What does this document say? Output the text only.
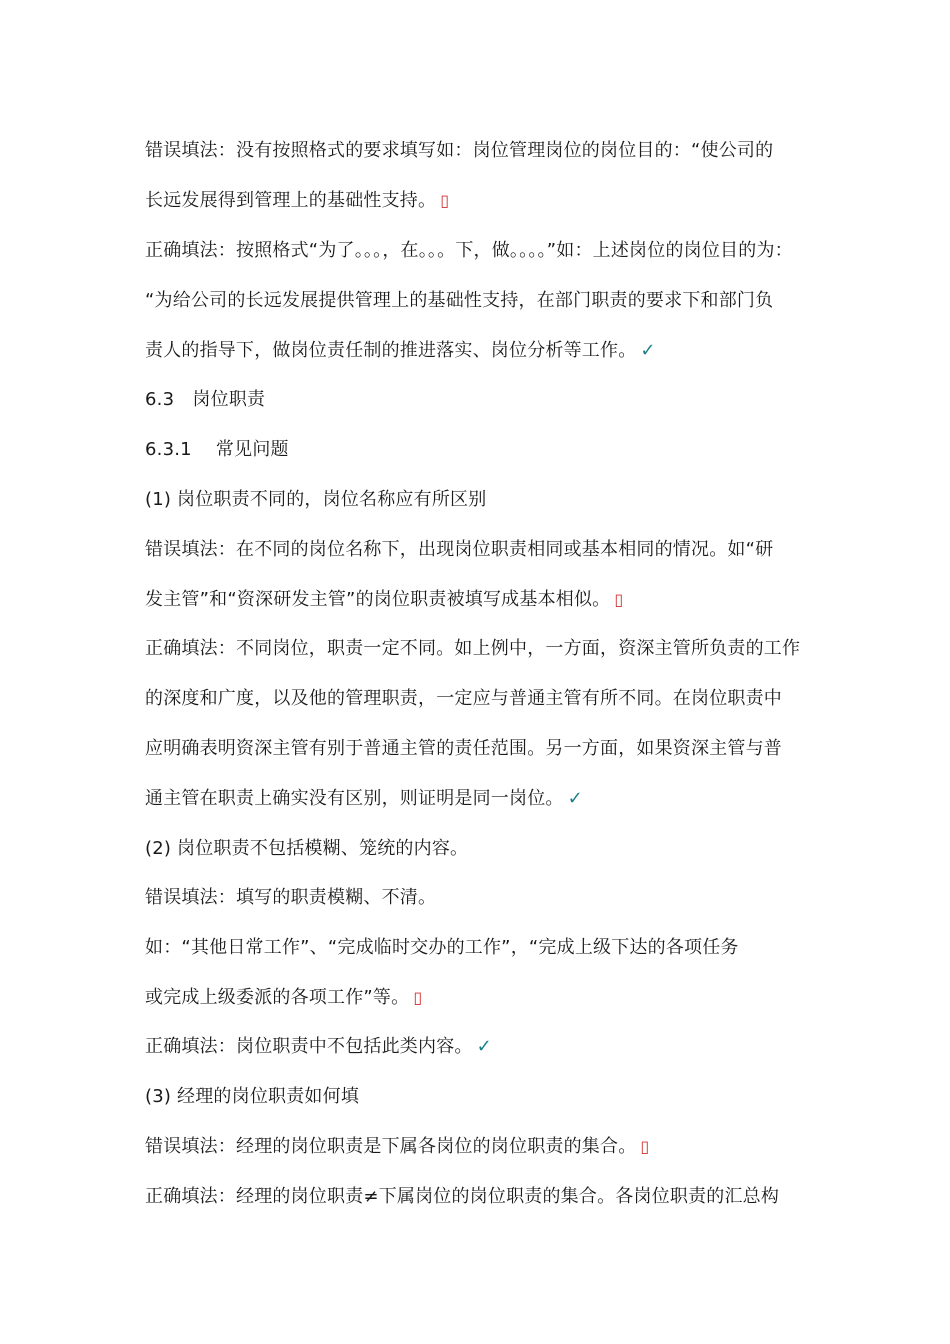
错误填法：没有按照格式的要求填写如：岗位管理岗位的岗位目的：“使公司的
长远发展得到管理上的基础性支持。 ▯
正确填法：按照格式“为了。。。，在。。。下，做。。。。”如：上述岗位的岗位目的为：
“为给公司的长远发展提供管理上的基础性支持，在部门职责的要求下和部门负
责人的指导下，做岗位责任制的推进落实、岗位分析等工作。 ✓
6.3　岗位职责
6.3.1　 常见问题
(1) 岗位职责不同的，岗位名称应有所区别
错误填法：在不同的岗位名称下，出现岗位职责相同或基本相同的情况。如“研
发主管”和“资深研发主管”的岗位职责被填写成基本相似。 ▯
正确填法：不同岗位，职责一定不同。如上例中，一方面，资深主管所负责的工作
的深度和广度，以及他的管理职责，一定应与普通主管有所不同。在岗位职责中
应明确表明资深主管有别于普通主管的责任范围。另一方面，如果资深主管与普
通主管在职责上确实没有区别，则证明是同一岗位。 ✓
(2) 岗位职责不包括模糊、笼统的内容。
错误填法：填写的职责模糊、不清。
如：“其他日常工作”、“完成临时交办的工作”，“完成上级下达的各项任务
或完成上级委派的各项工作”等。 ▯
正确填法：岗位职责中不包括此类内容。 ✓
(3) 经理的岗位职责如何填
错误填法：经理的岗位职责是下属各岗位的岗位职责的集合。 ▯
正确填法：经理的岗位职责≠下属岗位的岗位职责的集合。各岗位职责的汇总构
